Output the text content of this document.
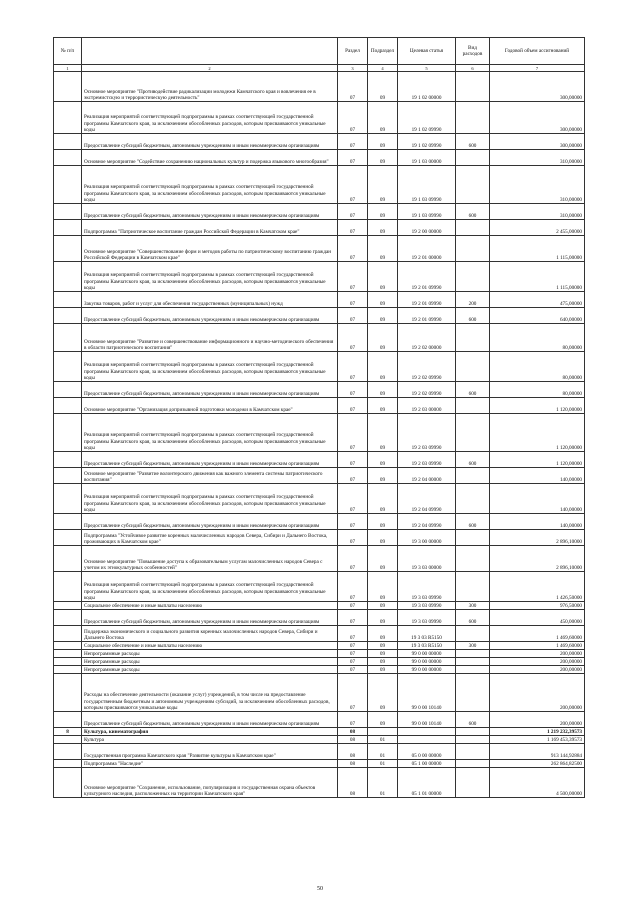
№ п/п		Раздел	Подраздел	Целевая статья	Вид расходов	Годовой объем ассигнований
1	2	3	4	5	6	7
	Основное мероприятие "Противодействие радикализации молодежи Камчатского края и вовлечения ее в экстремистскую и террористическую деятельность"	07	09	19 1 02 00000		300,00000
	Реализация мероприятий соответствующей подпрограммы в рамках соответствующей государственной программы Камчатского края, за исключением обособленных расходов, которым присваиваются уникальные коды	07	09	19 1 02 09990		300,00000
	Предоставление субсидий бюджетным, автономным учреждениям и иным некоммерческим организациям	07	09	19 1 02 09990	600	300,00000
	Основное мероприятие "Содействие сохранению национальных культур и подержка языкового многообразия"	07	09	19 1 03 00000		310,00000
	Реализация мероприятий соответствующей подпрограммы в рамках соответствующей государственной программы Камчатского края, за исключением обособленных расходов, которым присваиваются уникальные коды	07	09	19 1 03 09990		310,00000
	Предоставление субсидий бюджетным, автономным учреждениям и иным некоммерческим организациям	07	09	19 1 03 09990	600	310,00000
	Подпрограмма "Патриотическое воспитание граждан Российской Федерации в Камчатском крае"	07	09	19 2 00 00000		2 455,00000
	Основное мероприятие "Совершенствование форм и методов работы по патриотическому воспитанию граждан Российской Федерации в Камчатском крае"	07	09	19 2 01 00000		1 115,00000
	Реализация мероприятий соответствующей подпрограммы в рамках соответствующей государственной программы Камчатского края, за исключением обособленных расходов, которым присваиваются уникальные коды	07	09	19 2 01 09990		1 115,00000
	Закупка товаров, работ и услуг для обеспечения государственных (муниципальных) нужд	07	09	19 2 01 09990	200	475,00000
	Предоставление субсидий бюджетным, автономным учреждениям и иным некоммерческим организациям	07	09	19 2 01 09990	600	640,00000
	Основное мероприятие "Развитие и совершенствование информационного и научно-методического обеспечения в области патриотического воспитания"	07	09	19 2 02 00000		80,00000
	Реализация мероприятий соответствующей подпрограммы в рамках соответствующей государственной программы Камчатского края, за исключением обособленных расходов, которым присваиваются уникальные коды	07	09	19 2 02 09990		80,00000
	Предоставление субсидий бюджетным, автономным учреждениям и иным некоммерческим организациям	07	09	19 2 02 09990	600	80,00000
	Основное мероприятие "Организация допризывной подготовки молодежи в Камчатском крае"	07	09	19 2 03 00000		1 120,00000
	Реализация мероприятий соответствующей подпрограммы в рамках соответствующей государственной программы Камчатского края, за исключением обособленных расходов, которым присваиваются уникальные коды	07	09	19 2 03 09990		1 120,00000
	Предоставление субсидий бюджетным, автономным учреждениям и иным некоммерческим организациям	07	09	19 2 03 09990	600	1 120,00000
	Основное мероприятие "Развитие волонтерского движения как важного элемента системы патриотического воспитания"	07	09	19 2 04 00000		140,00000
	Реализация мероприятий соответствующей подпрограммы в рамках соответствующей государственной программы Камчатского края, за исключением обособленных расходов, которым присваиваются уникальные коды	07	09	19 2 04 09990		140,00000
	Предоставление субсидий бюджетным, автономным учреждениям и иным некоммерческим организациям	07	09	19 2 04 09990	600	140,00000
	Подпрограмма "Устойчивое развитие коренных малочисленных народов Севера, Сибири и Дальнего Востока, проживающих в Камчатском крае"	07	09	19 3 00 00000		2 896,10000
	Основное мероприятие "Повышение доступа к образовательным услугам малочисленных народов Севера с учетом их этнокультурных особенностей"	07	09	19 3 03 00000		2 896,10000
	Реализация мероприятий соответствующей подпрограммы в рамках соответствующей государственной программы Камчатского края, за исключением обособленных расходов, которым присваиваются уникальные коды	07	09	19 3 03 09990		1 426,50000
	Социальное обеспечение и иные выплаты населению	07	09	19 3 03 09990	300	976,50000
	Предоставление субсидий бюджетным, автономным учреждениям и иным некоммерческим организациям	07	09	19 3 03 09990	600	450,00000
	Поддержка экономического и социального развития коренных малочисленных народов Севера, Сибири и Дальнего Востока	07	09	19 3 03 R5150		1 469,60000
	Социальное обеспечение и иные выплаты населению	07	09	19 3 03 R5150	300	1 469,60000
	Непрограммные расходы	07	09	99 0 00 00000		200,00000
	Непрограммные расходы	07	09	99 0 00 00000		200,00000
	Непрограммные расходы	07	09	99 0 00 00000		200,00000
	Расходы на обеспечение деятельности (оказание услуг) учреждений, в том числе на предоставление государственным бюджетным и автономным учреждениям субсидий, за исключением обособленных расходов, которым присваиваются уникальные коды	07	09	99 0 00 10140		200,00000
	Предоставление субсидий бюджетным, автономным учреждениям и иным некоммерческим организациям	07	09	99 0 00 10140	600	200,00000
8	Культура, кинематография	08				1 219 232,39573
	Культура	08	01			1 169 453,39573
	Государственная программа Камчатского края "Развитие культуры в Камчатском крае"	08	01	05 0 00 00000		913 144,92884
	Подпрограмма "Наследие"	08	01	05 1 00 00000		262 864,82500
	Основное мероприятие "Сохранение, использование, популяризация и государственная охрана объектов культурного наследия, расположенных на территории Камчатского края"	08	01	05 1 01 00000		4 500,00000
50
